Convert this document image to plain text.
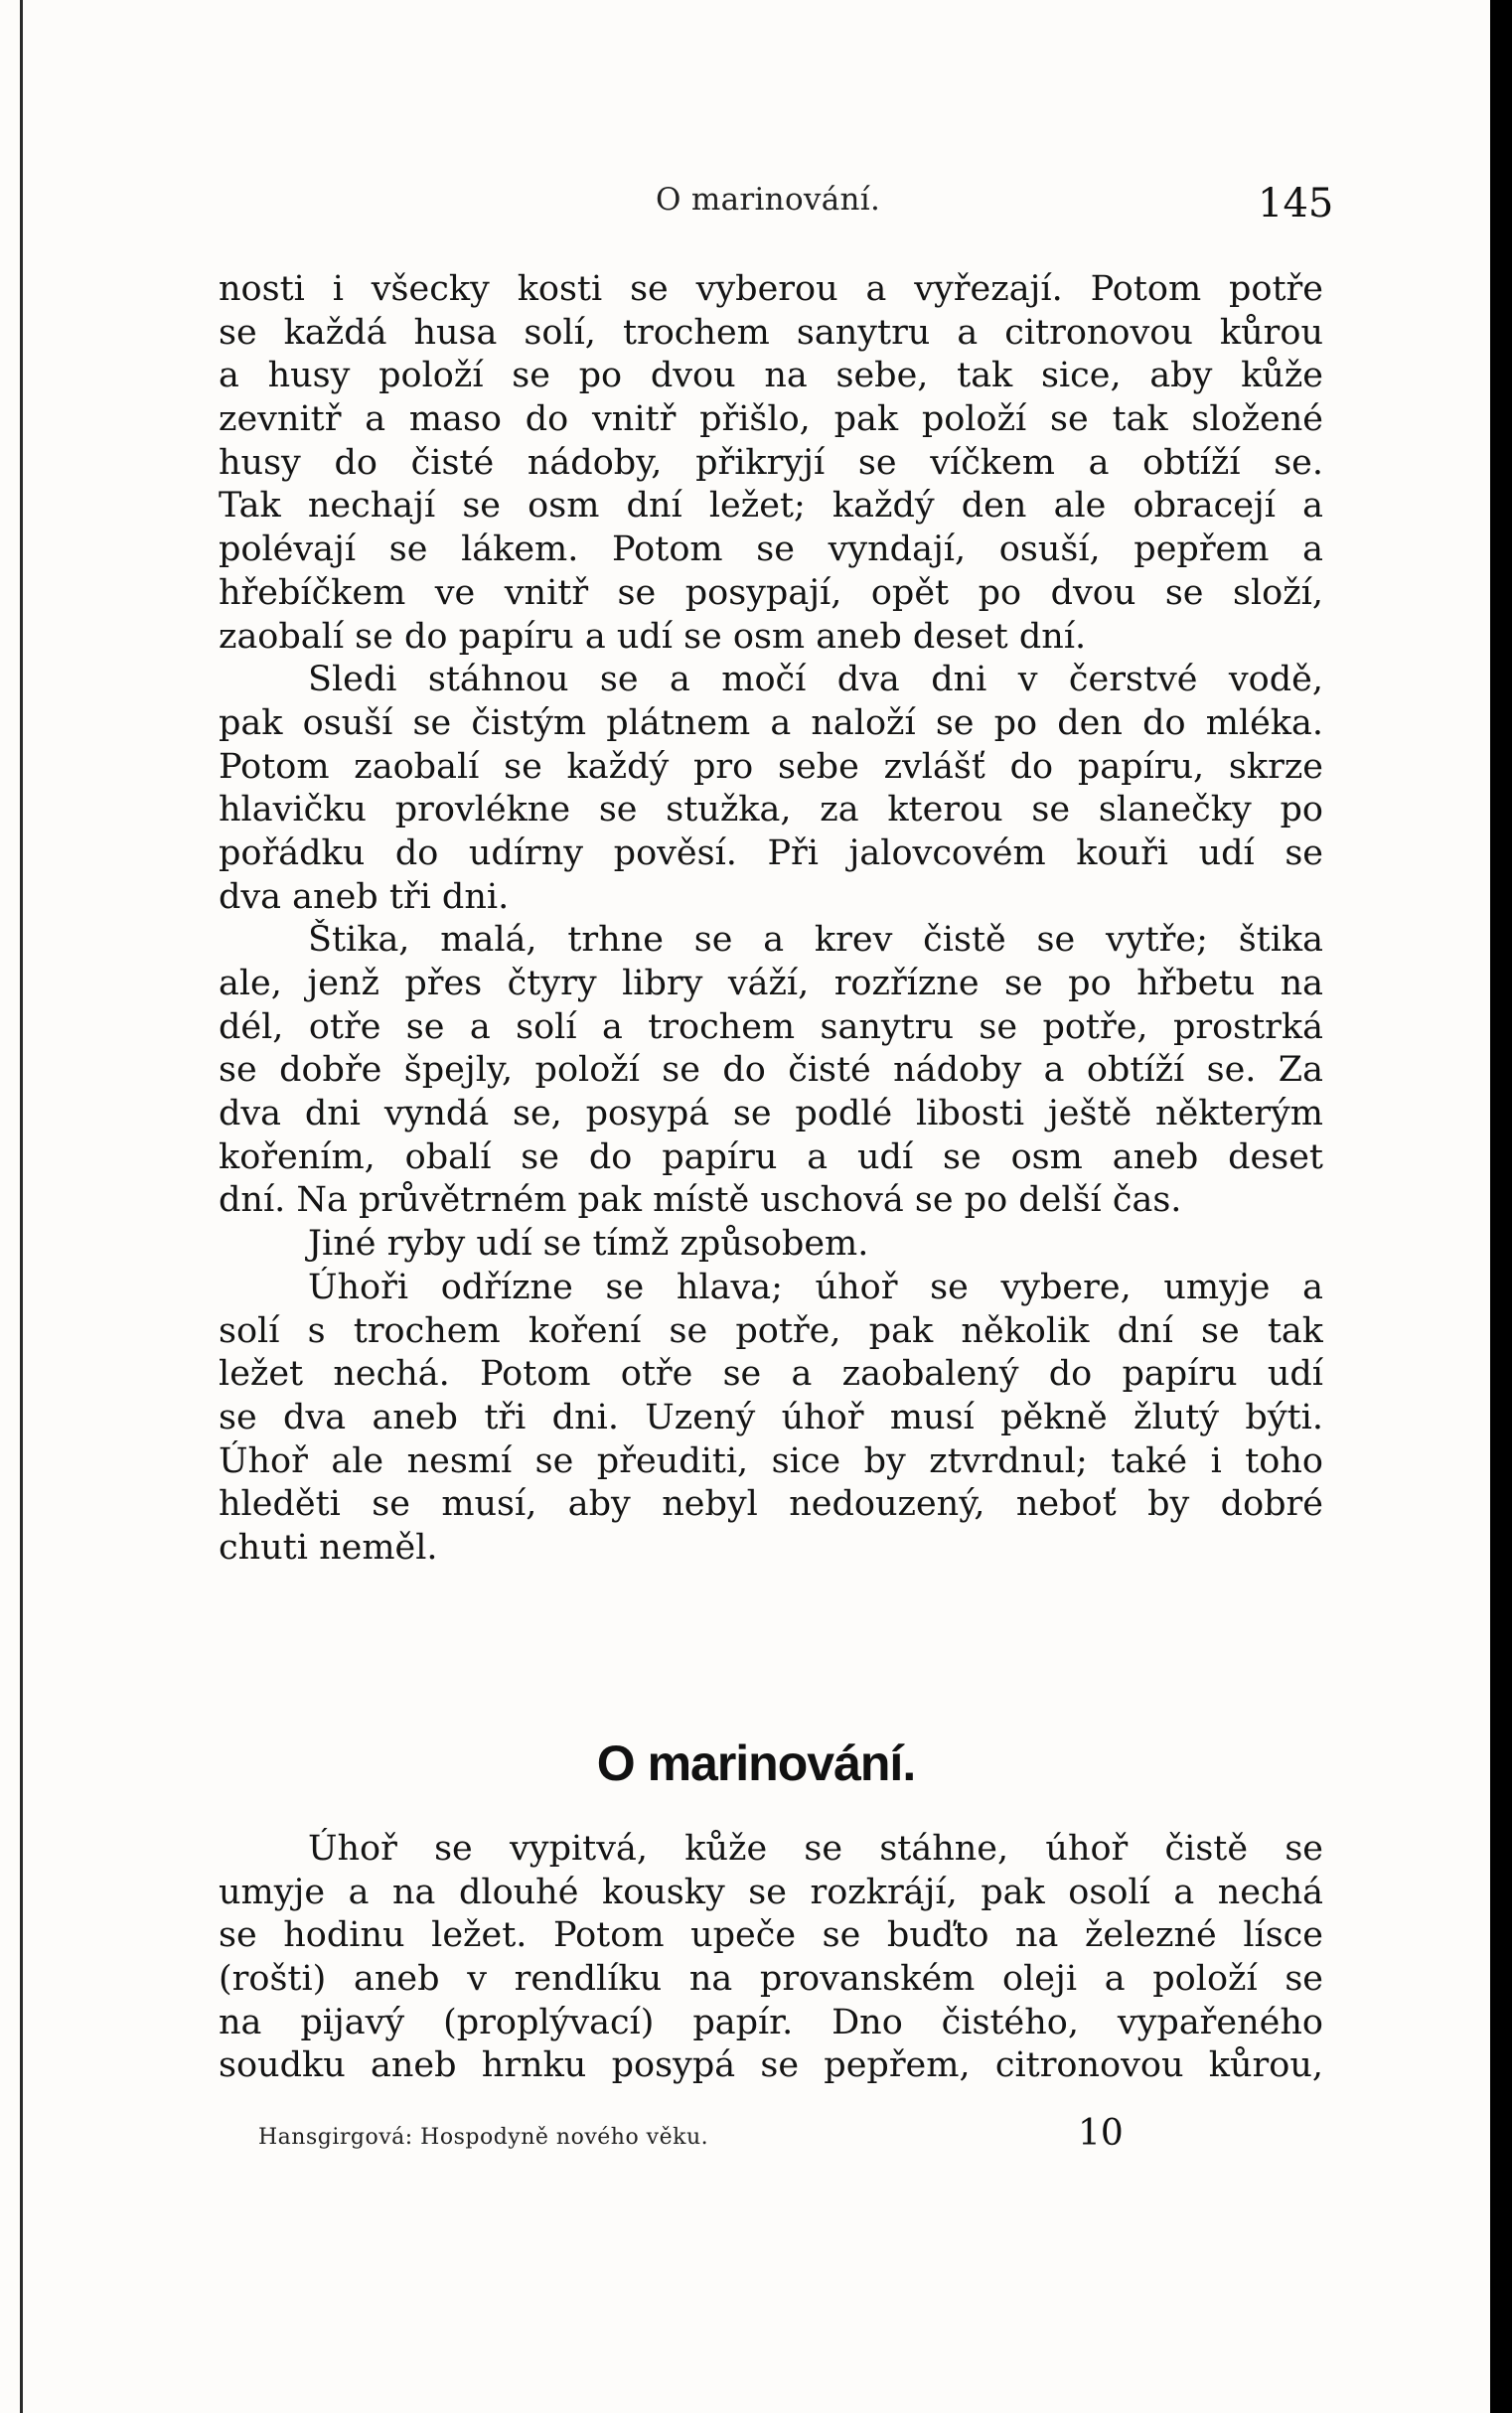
O marinování.	145
nosti i všecky kosti se vyberou a vyřezají. Potom potře
se každá husa solí, trochem sanytru a citronovou kůrou
a husy položí se po dvou na sebe, tak sice, aby kůže
zevnitř a maso do vnitř přišlo, pak položí se tak složené
husy do čisté nádoby, přikryjí se víčkem a obtíží se.
Tak nechají se osm dní ležet; každý den ale obracejí a
polévají se lákem. Potom se vyndají, osuší, pepřem a
hřebíčkem ve vnitř se posypají, opět po dvou se složí,
zaobalí se do papíru a udí se osm aneb deset dní.
Sledi stáhnou se a močí dva dni v čerstvé vodě,
pak osuší se čistým plátnem a naloží se po den do mléka.
Potom zaobalí se každý pro sebe zvlášť do papíru, skrze
hlavičku provlékne se stužka, za kterou se slanečky po
pořádku do udírny pověsí. Při jalovcovém kouři udí se
dva aneb tři dni.
Štika, malá, trhne se a krev čistě se vytře; štika
ale, jenž přes čtyry libry váží, rozřízne se po hřbetu na
dél, otře se a solí a trochem sanytru se potře, prostrká
se dobře špejly, položí se do čisté nádoby a obtíží se. Za
dva dni vyndá se, posypá se podlé libosti ještě některým
kořením, obalí se do papíru a udí se osm aneb deset
dní. Na průvětrném pak místě uschová se po delší čas.
Jiné ryby udí se tímž způsobem.
Úhoři odřízne se hlava; úhoř se vybere, umyje a
solí s trochem koření se potře, pak několik dní se tak
ležet nechá. Potom otře se a zaobalený do papíru udí
se dva aneb tři dni. Uzený úhoř musí pěkně žlutý býti.
Úhoř ale nesmí se přeuditi, sice by ztvrdnul; také i toho
hleděti se musí, aby nebyl nedouzený, neboť by dobré
chuti neměl.
O marinování.
Úhoř se vypitvá, kůže se stáhne, úhoř čistě se
umyje a na dlouhé kousky se rozkrájí, pak osolí a nechá
se hodinu ležet. Potom upeče se buďto na železné lísce
(rošti) aneb v rendlíku na provanském oleji a položí se
na pijavý (proplývací) papír. Dno čistého, vypařeného
soudku aneb hrnku posypá se pepřem, citronovou kůrou,
Hansgirgová: Hospodyně nového věku.	10
